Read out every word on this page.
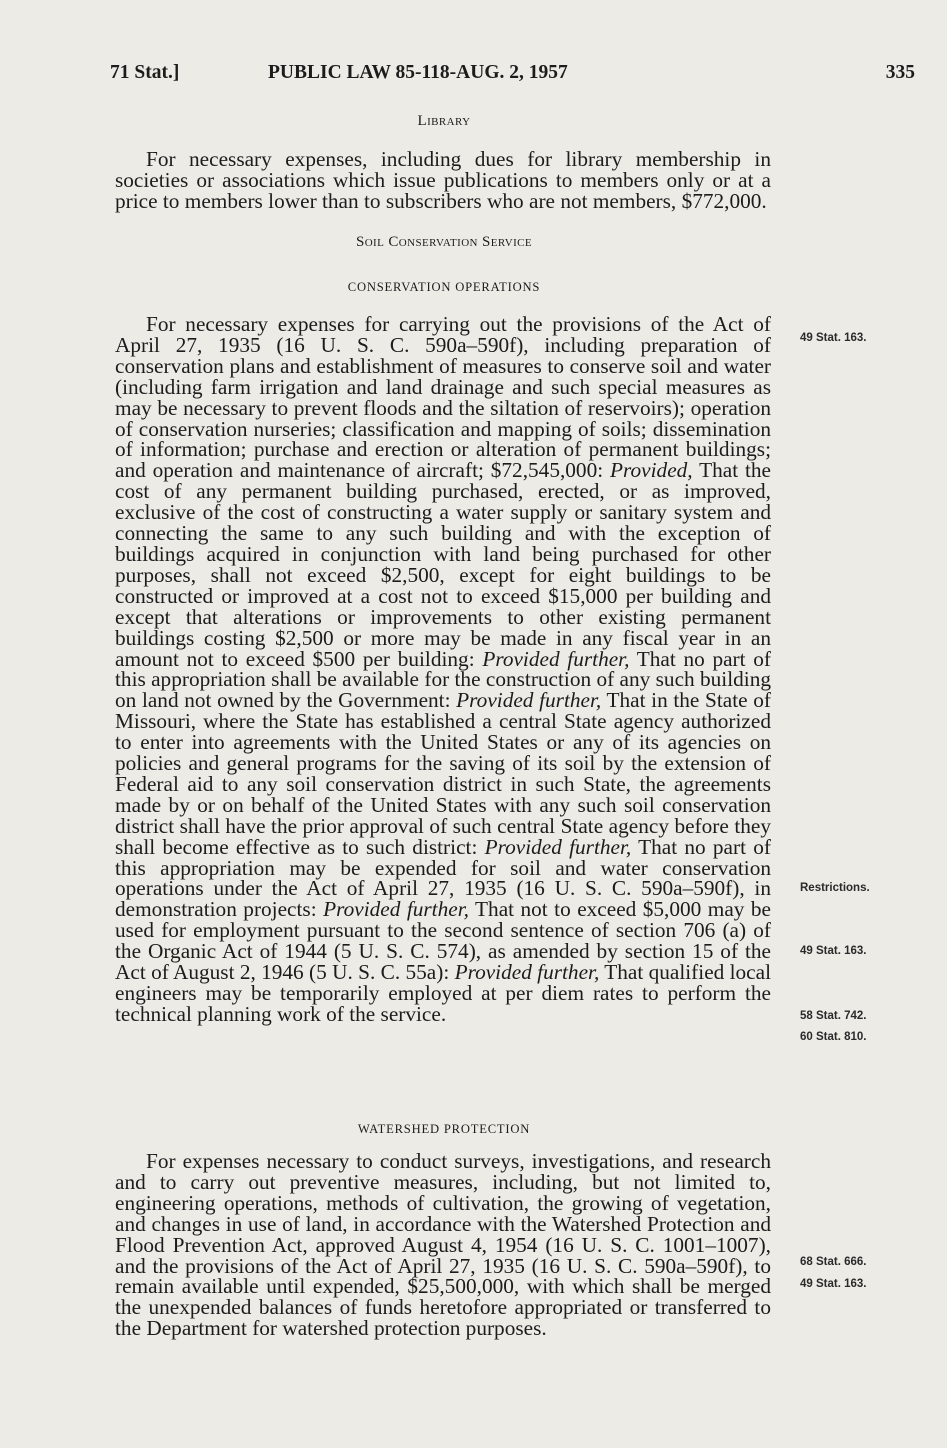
71 Stat.]	PUBLIC LAW 85-118-AUG. 2, 1957	335
Library

For necessary expenses, including dues for library membership in societies or associations which issue publications to members only or at a price to members lower than to subscribers who are not members, $772,000.

Soil Conservation Service
CONSERVATION OPERATIONS

For necessary expenses for carrying out the provisions of the Act of April 27, 1935 (16 U. S. C. 590a–590f), including preparation of conservation plans and establishment of measures to conserve soil and water (including farm irrigation and land drainage and such special measures as may be necessary to prevent floods and the siltation of reservoirs); operation of conservation nurseries; classification and mapping of soils; dissemination of information; purchase and erection or alteration of permanent buildings; and operation and maintenance of aircraft; $72,545,000: Provided, That the cost of any permanent building purchased, erected, or as improved, exclusive of the cost of constructing a water supply or sanitary system and connecting the same to any such building and with the exception of buildings acquired in conjunction with land being purchased for other purposes, shall not exceed $2,500, except for eight buildings to be constructed or improved at a cost not to exceed $15,000 per building and except that alterations or improvements to other existing permanent buildings costing $2,500 or more may be made in any fiscal year in an amount not to exceed $500 per building: Provided further, That no part of this appropriation shall be available for the construction of any such building on land not owned by the Government: Provided further, That in the State of Missouri, where the State has established a central State agency authorized to enter into agreements with the United States or any of its agencies on policies and general programs for the saving of its soil by the extension of Federal aid to any soil conservation district in such State, the agreements made by or on behalf of the United States with any such soil conservation district shall have the prior approval of such central State agency before they shall become effective as to such district: Provided further, That no part of this appropriation may be expended for soil and water conservation operations under the Act of April 27, 1935 (16 U. S. C. 590a–590f), in demonstration projects: Provided further, That not to exceed $5,000 may be used for employment pursuant to the second sentence of section 706 (a) of the Organic Act of 1944 (5 U. S. C. 574), as amended by section 15 of the Act of August 2, 1946 (5 U. S. C. 55a): Provided further, That qualified local engineers may be temporarily employed at per diem rates to perform the technical planning work of the service.

WATERSHED PROTECTION

For expenses necessary to conduct surveys, investigations, and research and to carry out preventive measures, including, but not limited to, engineering operations, methods of cultivation, the growing of vegetation, and changes in use of land, in accordance with the Watershed Protection and Flood Prevention Act, approved August 4, 1954 (16 U. S. C. 1001–1007), and the provisions of the Act of April 27, 1935 (16 U. S. C. 590a–590f), to remain available until expended, $25,500,000, with which shall be merged the unexpended balances of funds heretofore appropriated or transferred to the Department for watershed protection purposes.

49 Stat. 163.
Restrictions.
49 Stat. 163.
58 Stat. 742.
60 Stat. 810.
68 Stat. 666.
49 Stat. 163.
